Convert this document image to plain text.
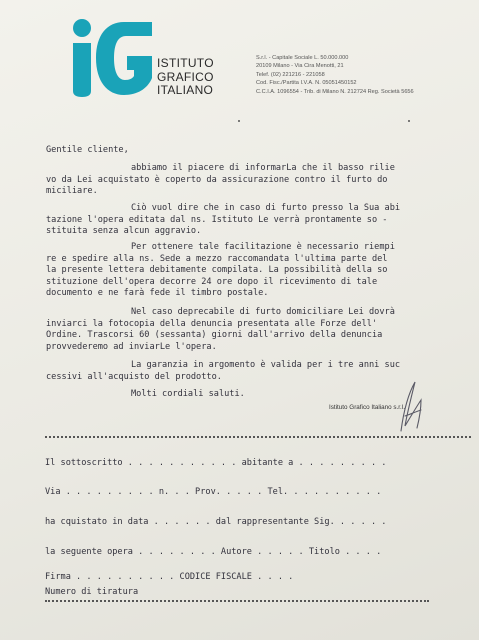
ISTITUTO
GRAFICO
ITALIANO
S.r.l. - Capitale Sociale L. 50.000.000
20109 Milano - Via Cira Menotti, 21
Telef. (02) 221216 - 221058
Cod. Fisc./Partita I.V.A. N. 05051450152
C.C.I.A. 1096554 - Trib. di Milano N. 212724 Reg. Società 5656
Gentile cliente,
abbiamo il piacere di informarLa che il basso rilie
vo da Lei acquistato è coperto da assicurazione contro il furto do
miciliare.
Ciò vuol dire che in caso di furto presso la Sua abi
tazione l'opera editata dal ns. Istituto Le verrà prontamente so -
stituita senza alcun aggravio.
Per ottenere tale facilitazione è necessario riempi
re e spedire alla ns. Sede a mezzo raccomandata l'ultima parte del
la presente lettera debitamente compilata. La possibilità della so
stituzione dell'opera decorre 24 ore dopo il ricevimento di tale
documento e ne farà fede il timbro postale.
Nel caso deprecabile di furto domiciliare Lei dovrà
inviarci la fotocopia della denuncia presentata alle Forze dell'
Ordine. Trascorsi 60 (sessanta) giorni dall'arrivo della denuncia
provvederemo ad inviarLe l'opera.
La garanzia in argomento è valida per i tre anni suc
cessivi all'acquisto del prodotto.
Molti cordiali saluti.
Istituto Grafico Italiano s.r.l.
Il sottoscritto . . . . . . . . . . . abitante a . . . . . . . . .
Via . . . . . . . . . n. . . Prov. . . . . Tel. . . . . . . . . .
ha cquistato in data . . . . . . dal rappresentante Sig. . . . . .
la seguente opera . . . . . . . . Autore . . . . . Titolo . . . .
Firma . . . . . . . . . . CODICE FISCALE . . . .
Numero di tiratura
